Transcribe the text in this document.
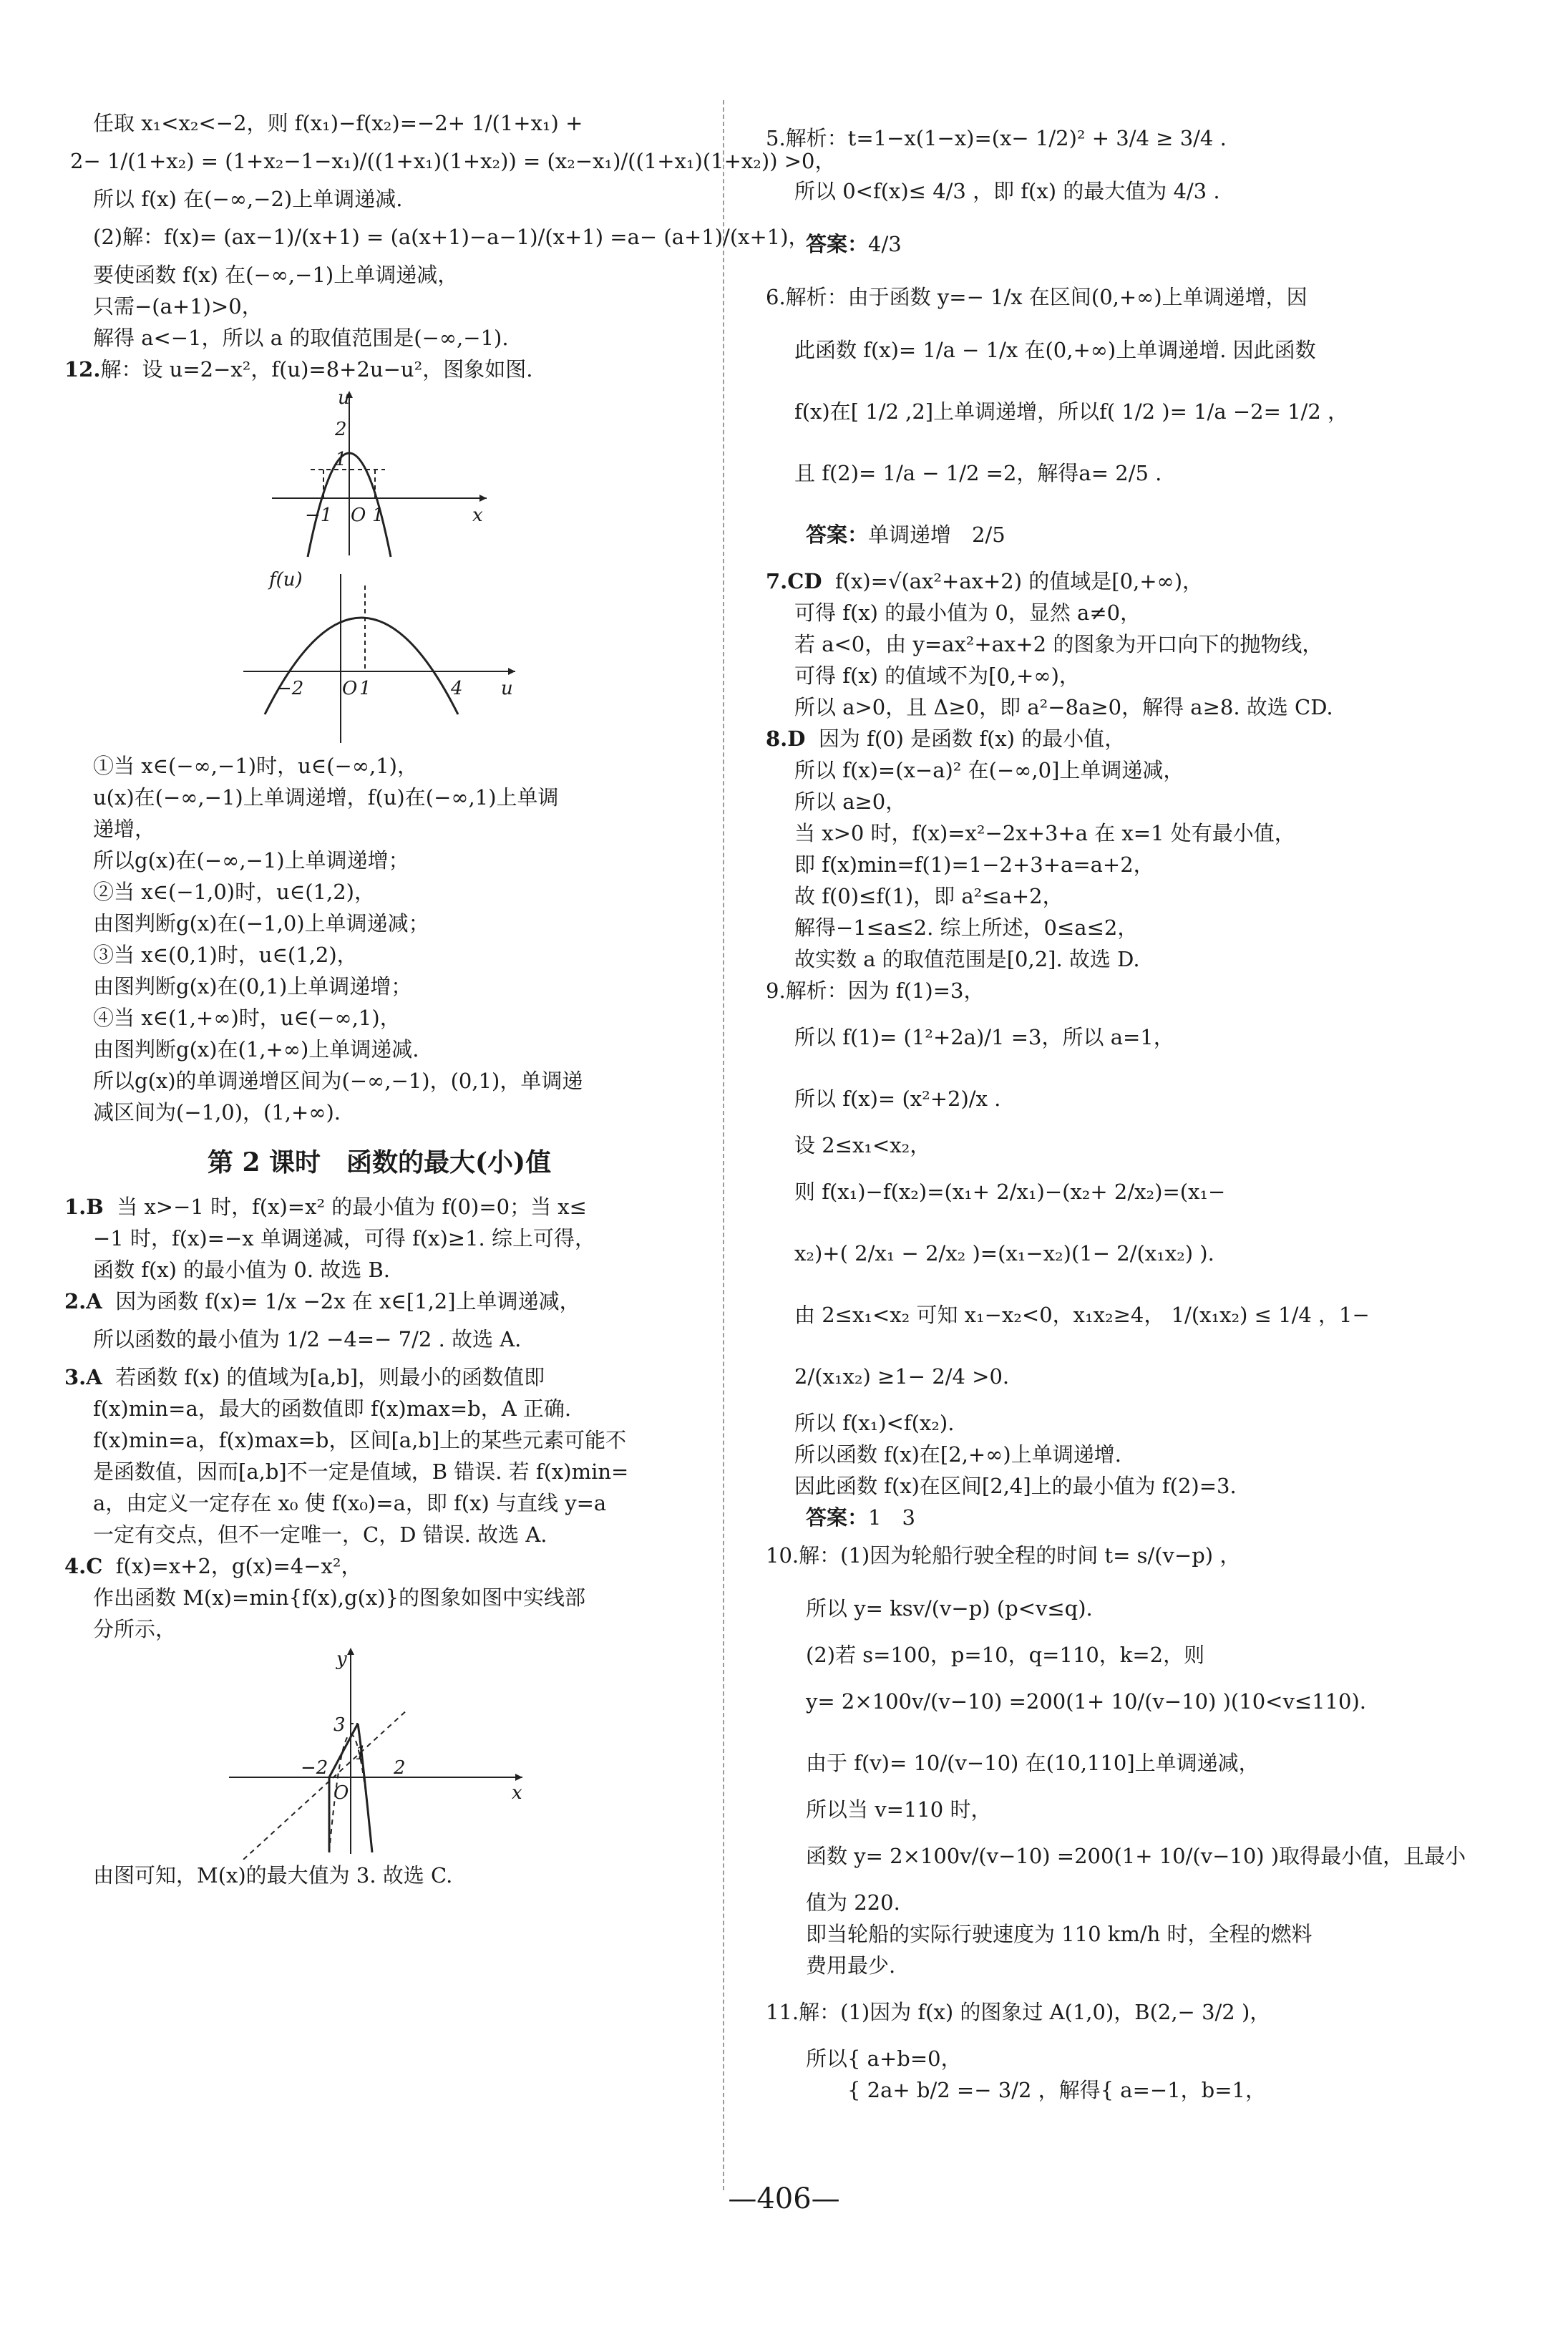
任取 x₁<x₂<−2，则 f(x₁)−f(x₂)=−2+ 1/(1+x₁) +

2− 1/(1+x₂) = (1+x₂−1−x₁)/((1+x₁)(1+x₂)) = (x₂−x₁)/((1+x₁)(1+x₂)) >0，

所以 f(x) 在(−∞,−2)上单调递减.

(2)解：f(x)= (ax−1)/(x+1) = (a(x+1)−a−1)/(x+1) =a− (a+1)/(x+1)，

要使函数 f(x) 在(−∞,−1)上单调递减，

只需−(a+1)>0，

解得 a<−1，所以 a 的取值范围是(−∞,−1).

12.解：设 u=2−x²，f(u)=8+2u−u²，图象如图.

u
x
2
1
−1 O 1
f(u)
u
−2 O 1	4

①当 x∈(−∞,−1)时，u∈(−∞,1)，

u(x)在(−∞,−1)上单调递增，f(u)在(−∞,1)上单调

递增，

所以g(x)在(−∞,−1)上单调递增；

②当 x∈(−1,0)时，u∈(1,2)，

由图判断g(x)在(−1,0)上单调递减；

③当 x∈(0,1)时，u∈(1,2)，

由图判断g(x)在(0,1)上单调递增；

④当 x∈(1,+∞)时，u∈(−∞,1)，

由图判断g(x)在(1,+∞)上单调递减.

所以g(x)的单调递增区间为(−∞,−1)，(0,1)，单调递

减区间为(−1,0)，(1,+∞).

第 2 课时　函数的最大(小)值

1.B 当 x>−1 时，f(x)=x² 的最小值为 f(0)=0；当 x≤

−1 时，f(x)=−x 单调递减，可得 f(x)≥1. 综上可得，

函数 f(x) 的最小值为 0. 故选 B.

2.A 因为函数 f(x)= 1/x −2x 在 x∈[1,2]上单调递减，

所以函数的最小值为 1/2 −4=− 7/2 . 故选 A.

3.A 若函数 f(x) 的值域为[a,b]，则最小的函数值即

f(x)min=a，最大的函数值即 f(x)max=b，A 正确.

f(x)min=a，f(x)max=b，区间[a,b]上的某些元素可能不

是函数值，因而[a,b]不一定是值域，B 错误. 若 f(x)min=

a，由定义一定存在 x₀ 使 f(x₀)=a，即 f(x) 与直线 y=a

一定有交点，但不一定唯一，C，D 错误. 故选 A.

4.C f(x)=x+2，g(x)=4−x²，

作出函数 M(x)=min{f(x),g(x)}的图象如图中实线部

分所示，

y
x
3
1
−2	2
O

由图可知，M(x)的最大值为 3. 故选 C.

5.解析：t=1−x(1−x)=(x− 1/2)² + 3/4 ≥ 3/4 .

所以 0<f(x)≤ 4/3 ，即 f(x) 的最大值为 4/3 .

答案：4/3

6.解析：由于函数 y=− 1/x 在区间(0,+∞)上单调递增，因

此函数 f(x)= 1/a − 1/x 在(0,+∞)上单调递增. 因此函数

f(x)在[ 1/2 ,2]上单调递增，所以f( 1/2 )= 1/a −2= 1/2 ，

且 f(2)= 1/a − 1/2 =2，解得a= 2/5 .

答案：单调递增　2/5

7.CD f(x)=√(ax²+ax+2) 的值域是[0,+∞)，

可得 f(x) 的最小值为 0，显然 a≠0，

若 a<0，由 y=ax²+ax+2 的图象为开口向下的抛物线，

可得 f(x) 的值域不为[0,+∞)，

所以 a>0，且 Δ≥0，即 a²−8a≥0，解得 a≥8. 故选 CD.

8.D 因为 f(0) 是函数 f(x) 的最小值，

所以 f(x)=(x−a)² 在(−∞,0]上单调递减，

所以 a≥0，

当 x>0 时，f(x)=x²−2x+3+a 在 x=1 处有最小值，

即 f(x)min=f(1)=1−2+3+a=a+2，

故 f(0)≤f(1)，即 a²≤a+2，

解得−1≤a≤2. 综上所述，0≤a≤2，

故实数 a 的取值范围是[0,2]. 故选 D.

9.解析：因为 f(1)=3，

所以 f(1)= (1²+2a)/1 =3，所以 a=1，

所以 f(x)= (x²+2)/x .

设 2≤x₁<x₂，

则 f(x₁)−f(x₂)=(x₁+ 2/x₁)−(x₂+ 2/x₂)=(x₁−

x₂)+( 2/x₁ − 2/x₂ )=(x₁−x₂)(1− 2/(x₁x₂) ).

由 2≤x₁<x₂ 可知 x₁−x₂<0，x₁x₂≥4， 1/(x₁x₂) ≤ 1/4 ，1−

2/(x₁x₂) ≥1− 2/4 >0.

所以 f(x₁)<f(x₂).

所以函数 f(x)在[2,+∞)上单调递增.

因此函数 f(x)在区间[2,4]上的最小值为 f(2)=3.

答案：1　3

10.解：(1)因为轮船行驶全程的时间 t= s/(v−p) ，

所以 y= ksv/(v−p) (p<v≤q).

(2)若 s=100，p=10，q=110，k=2，则

y= 2×100v/(v−10) =200(1+ 10/(v−10) )(10<v≤110).

由于 f(v)= 10/(v−10) 在(10,110]上单调递减，

所以当 v=110 时，

函数 y= 2×100v/(v−10) =200(1+ 10/(v−10) )取得最小值，且最小

值为 220.

即当轮船的实际行驶速度为 110 km/h 时，全程的燃料

费用最少.

11.解：(1)因为 f(x) 的图象过 A(1,0)，B(2,− 3/2 )，

所以{ a+b=0，

　　{ 2a+ b/2 =− 3/2 ，解得{ a=−1，b=1，

—406—
